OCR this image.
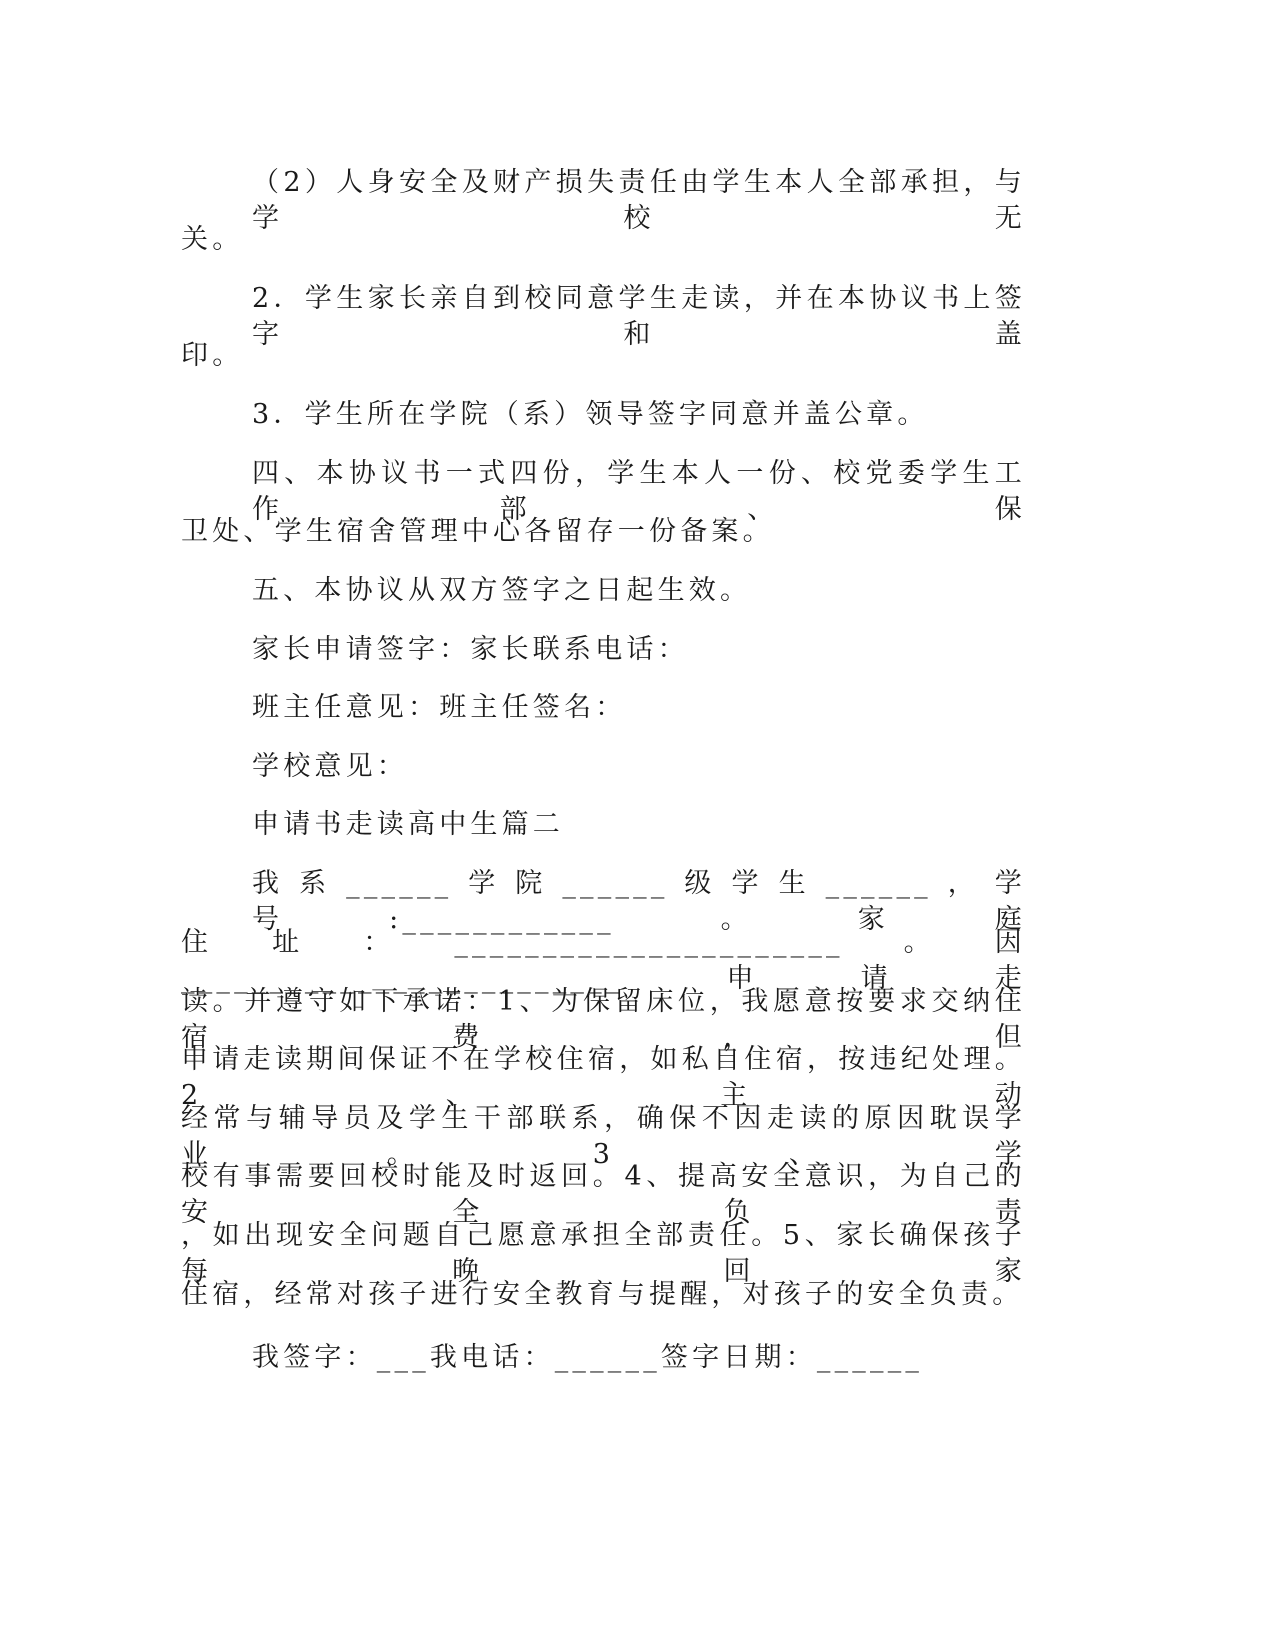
（2）人身安全及财产损失责任由学生本人全部承担，与学校无
关。
2．学生家长亲自到校同意学生走读，并在本协议书上签字和盖
印。
3．学生所在学院（系）领导签字同意并盖公章。
四、本协议书一式四份，学生本人一份、校党委学生工作部、保
卫处、学生宿舍管理中心各留存一份备案。
五、本协议从双方签字之日起生效。
家长申请签字：家长联系电话：
班主任意见：班主任签名：
学校意见：
申请书走读高中生篇二
我系______学院______级学生______，学号:____________。家庭
住址：______________________。因_________________________申请走
读。并遵守如下承诺：1、为保留床位，我愿意按要求交纳住宿费，但
申请走读期间保证不在学校住宿，如私自住宿，按违纪处理。2、主动
经常与辅导员及学生干部联系，确保不因走读的原因耽误学业。3、学
校有事需要回校时能及时返回。4、提高安全意识，为自己的安全负责
，如出现安全问题自己愿意承担全部责任。5、家长确保孩子每晚回家
住宿，经常对孩子进行安全教育与提醒，对孩子的安全负责。
我签字：___我电话：______签字日期：______
